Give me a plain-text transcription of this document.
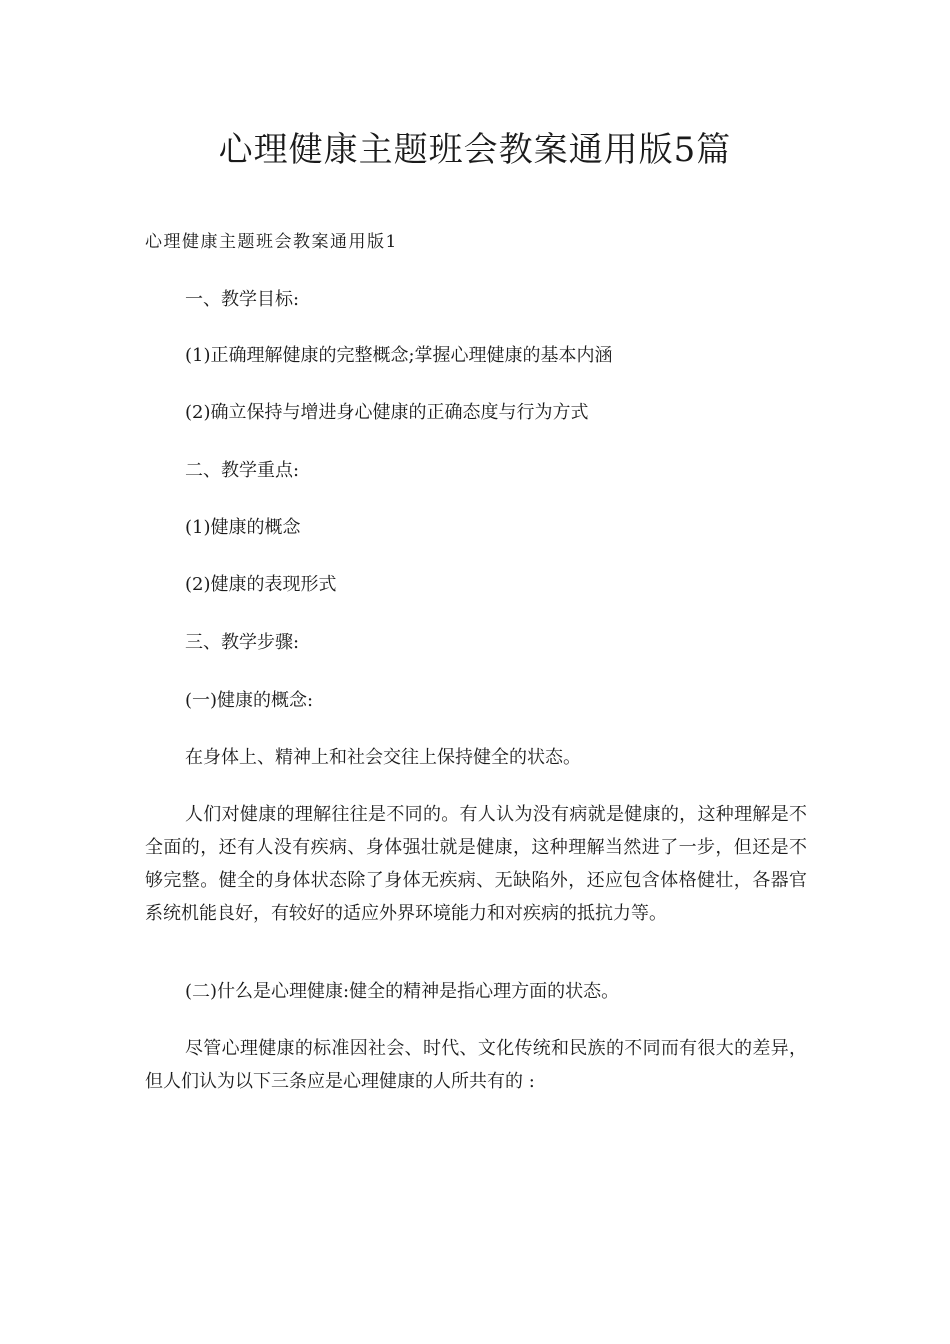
心理健康主题班会教案通用版5篇
心理健康主题班会教案通用版1

一、教学目标:

(1)正确理解健康的完整概念;掌握心理健康的基本内涵

(2)确立保持与增进身心健康的正确态度与行为方式

二、教学重点:

(1)健康的概念

(2)健康的表现形式

三、教学步骤:

(一)健康的概念:

在身体上、精神上和社会交往上保持健全的状态。

人们对健康的理解往往是不同的。有人认为没有病就是健康的，这种理解是不全面的，还有人没有疾病、身体强壮就是健康，这种理解当然进了一步，但还是不够完整。健全的身体状态除了身体无疾病、无缺陷外，还应包含体格健壮，各器官系统机能良好，有较好的适应外界环境能力和对疾病的抵抗力等。

(二)什么是心理健康:健全的精神是指心理方面的状态。

尽管心理健康的标准因社会、时代、文化传统和民族的不同而有很大的差异，但人们认为以下三条应是心理健康的人所共有的 :
